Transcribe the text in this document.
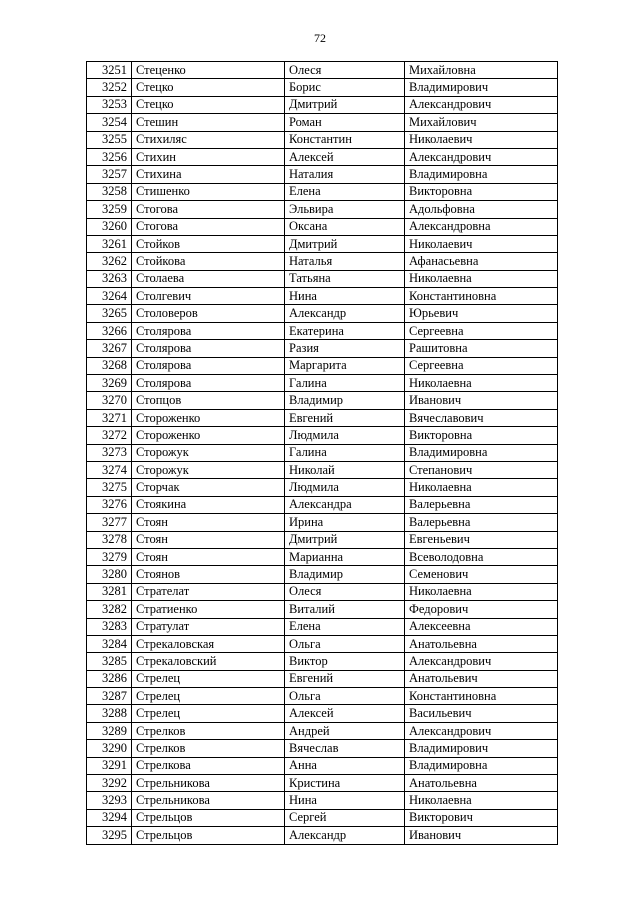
72
3251	Стеценко	Олеся	Михайловна
3252	Стецко	Борис	Владимирович
3253	Стецко	Дмитрий	Александрович
3254	Стешин	Роман	Михайлович
3255	Стихиляс	Константин	Николаевич
3256	Стихин	Алексей	Александрович
3257	Стихина	Наталия	Владимировна
3258	Стишенко	Елена	Викторовна
3259	Стогова	Эльвира	Адольфовна
3260	Стогова	Оксана	Александровна
3261	Стойков	Дмитрий	Николаевич
3262	Стойкова	Наталья	Афанасьевна
3263	Столаева	Татьяна	Николаевна
3264	Столгевич	Нина	Константиновна
3265	Столоверов	Александр	Юрьевич
3266	Столярова	Екатерина	Сергеевна
3267	Столярова	Разия	Рашитовна
3268	Столярова	Маргарита	Сергеевна
3269	Столярова	Галина	Николаевна
3270	Стопцов	Владимир	Иванович
3271	Стороженко	Евгений	Вячеславович
3272	Стороженко	Людмила	Викторовна
3273	Сторожук	Галина	Владимировна
3274	Сторожук	Николай	Степанович
3275	Сторчак	Людмила	Николаевна
3276	Стоякина	Александра	Валерьевна
3277	Стоян	Ирина	Валерьевна
3278	Стоян	Дмитрий	Евгеньевич
3279	Стоян	Марианна	Всеволодовна
3280	Стоянов	Владимир	Семенович
3281	Стрателат	Олеся	Николаевна
3282	Стратиенко	Виталий	Федорович
3283	Стратулат	Елена	Алексеевна
3284	Стрекаловская	Ольга	Анатольевна
3285	Стрекаловский	Виктор	Александрович
3286	Стрелец	Евгений	Анатольевич
3287	Стрелец	Ольга	Константиновна
3288	Стрелец	Алексей	Васильевич
3289	Стрелков	Андрей	Александрович
3290	Стрелков	Вячеслав	Владимирович
3291	Стрелкова	Анна	Владимировна
3292	Стрельникова	Кристина	Анатольевна
3293	Стрельникова	Нина	Николаевна
3294	Стрельцов	Сергей	Викторович
3295	Стрельцов	Александр	Иванович
